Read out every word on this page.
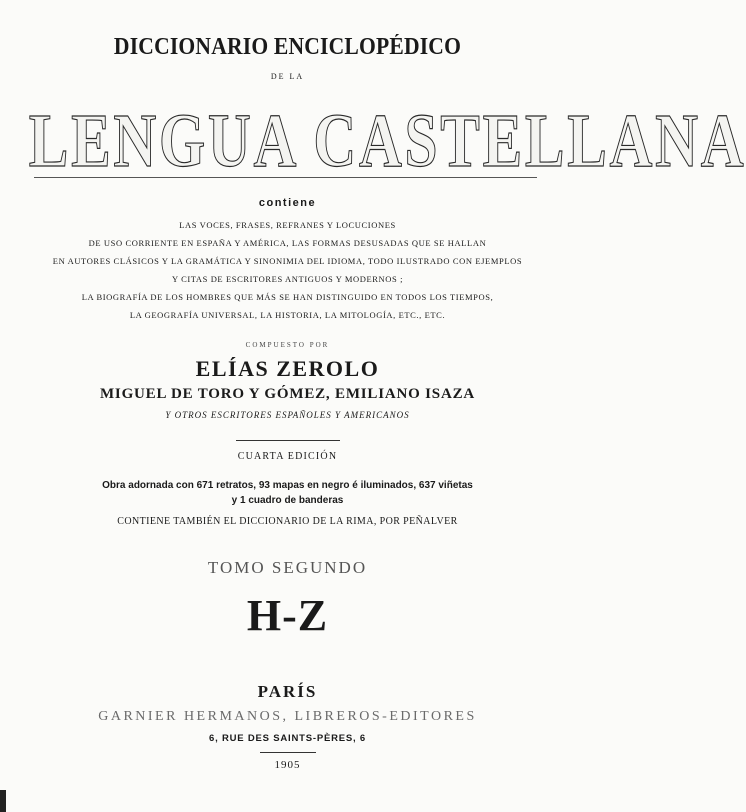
DICCIONARIO ENCICLOPÉDICO
DE LA
LENGUA CASTELLANA
contiene
LAS VOCES, FRASES, REFRANES Y LOCUCIONES
DE USO CORRIENTE EN ESPAÑA Y AMÉRICA, LAS FORMAS DESUSADAS QUE SE HALLAN
EN AUTORES CLÁSICOS Y LA GRAMÁTICA Y SINONIMIA DEL IDIOMA, TODO ILUSTRADO CON EJEMPLOS
Y CITAS DE ESCRITORES ANTIGUOS Y MODERNOS ;
LA BIOGRAFÍA DE LOS HOMBRES QUE MÁS SE HAN DISTINGUIDO EN TODOS LOS TIEMPOS,
LA GEOGRAFÍA UNIVERSAL, LA HISTORIA, LA MITOLOGÍA, ETC., ETC.
COMPUESTO POR
ELÍAS ZEROLO
MIGUEL DE TORO Y GÓMEZ, EMILIANO ISAZA
Y OTROS ESCRITORES ESPAÑOLES Y AMERICANOS
CUARTA EDICIÓN
Obra adornada con 671 retratos, 93 mapas en negro é iluminados, 637 viñetas
y 1 cuadro de banderas
CONTIENE TAMBIÉN EL DICCIONARIO DE LA RIMA, POR PEÑALVER
TOMO SEGUNDO
H-Z
PARÍS
GARNIER HERMANOS, LIBREROS-EDITORES
6, RUE DES SAINTS-PÈRES, 6
1905
